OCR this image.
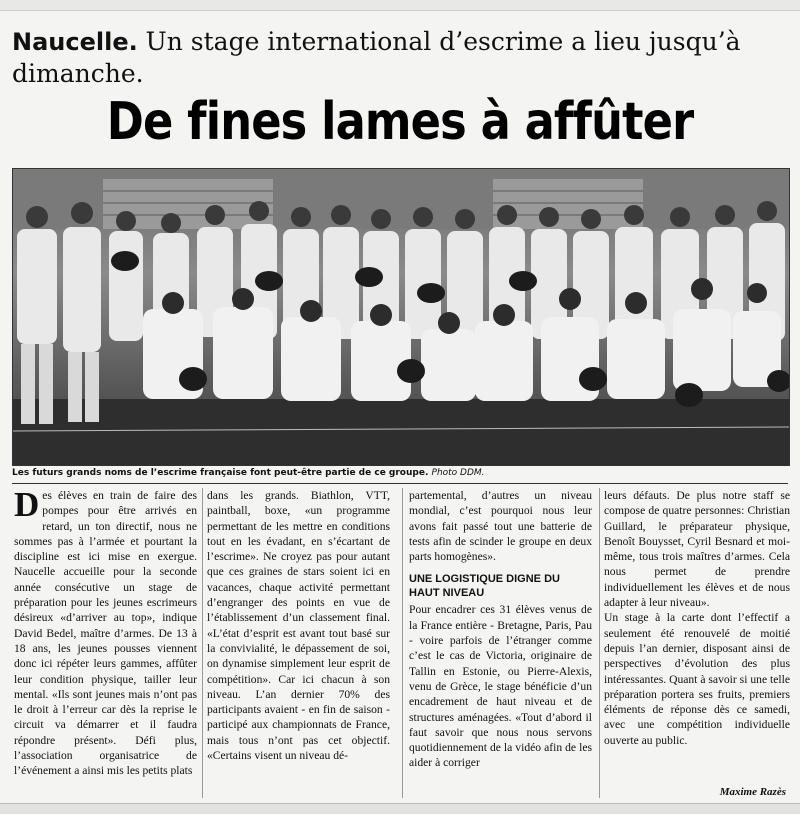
Naucelle. Un stage international d’escrime a lieu jusqu’à dimanche.
De fines lames à affûter
Les futurs grands noms de l’escrime française font peut-être partie de ce groupe. Photo DDM.
D es élèves en train de faire des pompes pour être arrivés en retard, un ton directif, nous ne sommes pas à l’armée et pourtant la discipline est ici mise en exergue. Naucelle accueille pour la seconde année consécutive un stage de préparation pour les jeunes escrimeurs désireux «d’arriver au top», indique David Bedel, maître d’armes. De 13 à 18 ans, les jeunes pousses viennent donc ici répéter leurs gammes, affûter leur condition physique, tailler leur mental. «Ils sont jeunes mais n’ont pas le droit à l’erreur car dès la reprise le circuit va démarrer et il faudra répondre présent». Défi plus, l’association organisatrice de l’événement a ainsi mis les petits plats

dans les grands. Biathlon, VTT, paintball, boxe, «un programme permettant de les mettre en conditions tout en les évadant, en s’écartant de l’escrime». Ne croyez pas pour autant que ces graines de stars soient ici en vacances, chaque activité permettant d’engranger des points en vue de l’établissement d’un classement final. «L’état d’esprit est avant tout basé sur la convivialité, le dépassement de soi, on dynamise simplement leur esprit de compétition». Car ici chacun à son niveau. L’an dernier 70% des participants avaient - en fin de saison - participé aux championnats de France, mais tous n’ont pas cet objectif. «Certains visent un niveau dé-

partemental, d’autres un niveau mondial, c’est pourquoi nous leur avons fait passé tout une batterie de tests afin de scinder le groupe en deux parts homogènes».

UNE LOGISTIQUE DIGNE DU HAUT NIVEAU

Pour encadrer ces 31 élèves venus de la France entière - Bretagne, Paris, Pau - voire parfois de l’étranger comme c’est le cas de Victoria, originaire de Tallin en Estonie, ou Pierre-Alexis, venu de Grèce, le stage bénéficie d’un encadrement de haut niveau et de structures aménagées. «Tout d’abord il faut savoir que nous nous servons quotidiennement de la vidéo afin de les aider à corriger

leurs défauts. De plus notre staff se compose de quatre personnes: Christian Guillard, le préparateur physique, Benoît Bouysset, Cyril Besnard et moi-même, tous trois maîtres d’armes. Cela nous permet de prendre individuellement les élèves et de nous adapter à leur niveau».

Un stage à la carte dont l’effectif a seulement été renouvelé de moitié depuis l’an dernier, disposant ainsi de perspectives d’évolution des plus intéressantes. Quant à savoir si une telle préparation portera ses fruits, premiers éléments de réponse dès ce samedi, avec une compétition individuelle ouverte au public.

Maxime Razès
